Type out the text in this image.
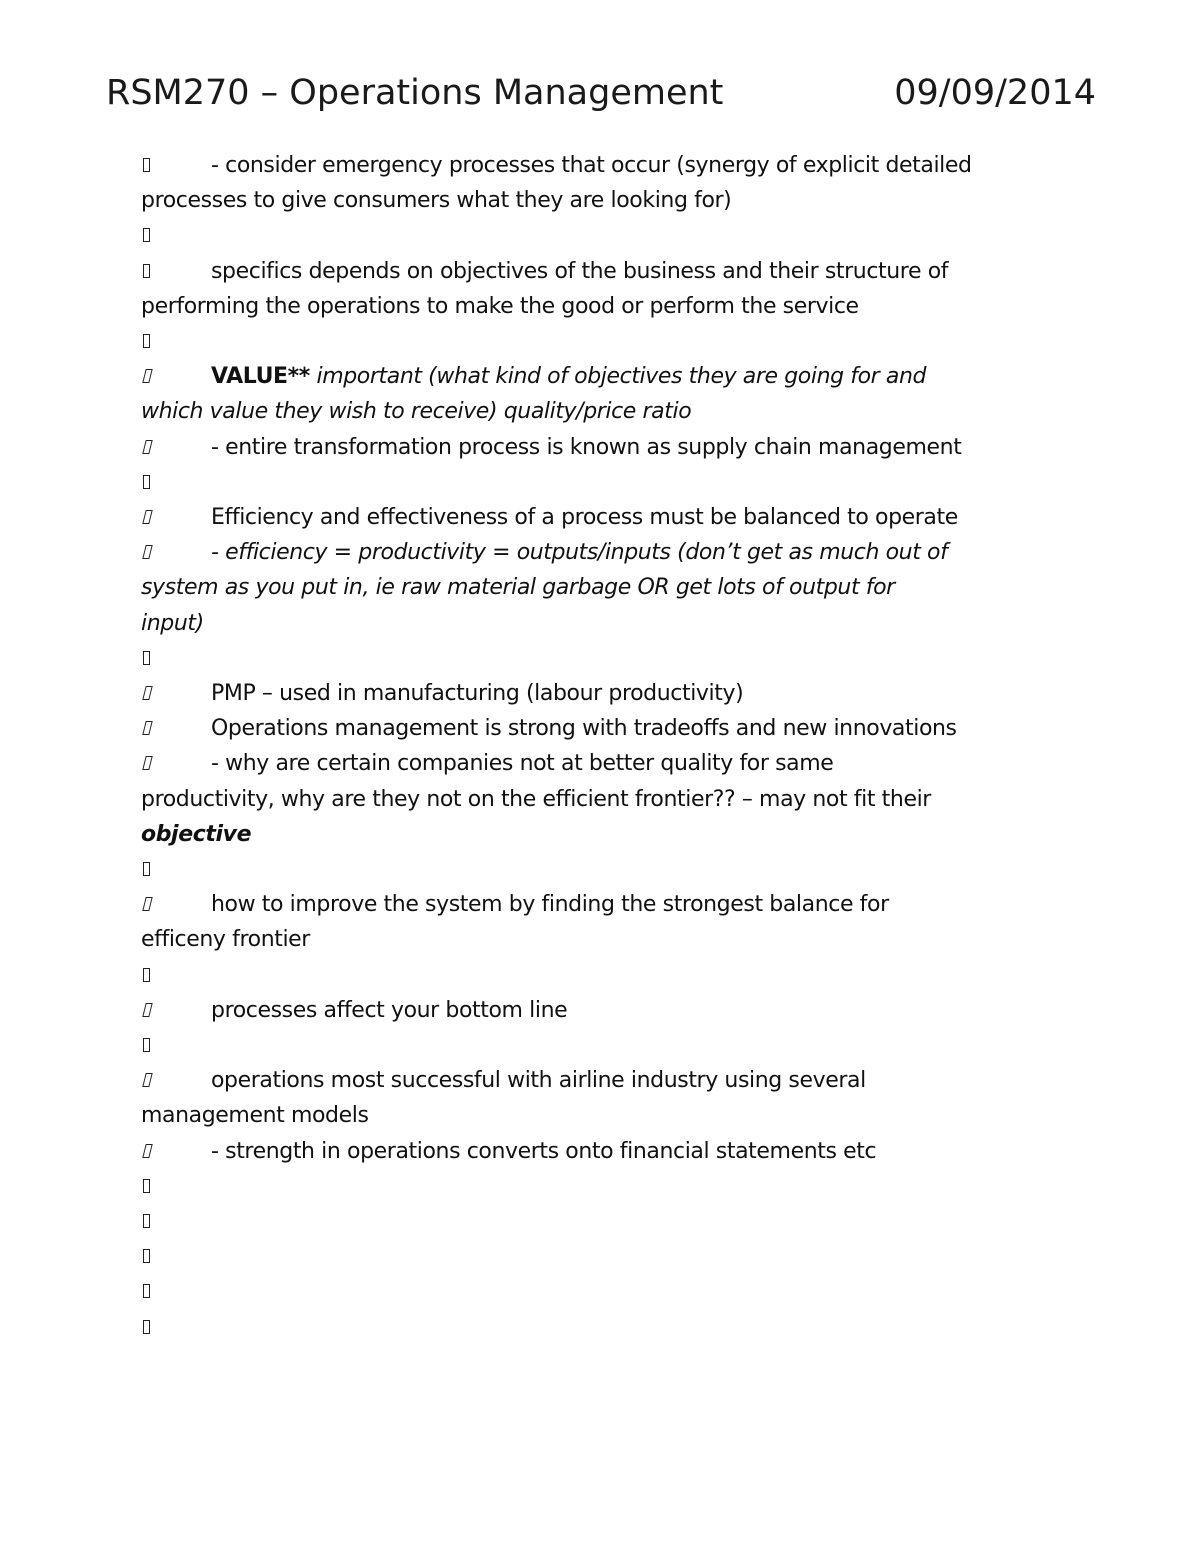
RSM270 – Operations Management	09/09/2014
- consider emergency processes that occur (synergy of explicit detailed
processes to give consumers what they are looking for)
specifics depends on objectives of the business and their structure of
performing the operations to make the good or perform the service
VALUE** important (what kind of objectives they are going for and
which value they wish to receive) quality/price ratio
- entire transformation process is known as supply chain management
Efficiency and effectiveness of a process must be balanced to operate
- efficiency = productivity = outputs/inputs (don’t get as much out of
system as you put in, ie raw material garbage OR get lots of output for
input)
PMP – used in manufacturing (labour productivity)
Operations management is strong with tradeoffs and new innovations
- why are certain companies not at better quality for same
productivity, why are they not on the efficient frontier?? – may not fit their
objective
how to improve the system by finding the strongest balance for
efficeny frontier
processes affect your bottom line
operations most successful with airline industry using several
management models
- strength in operations converts onto financial statements etc
